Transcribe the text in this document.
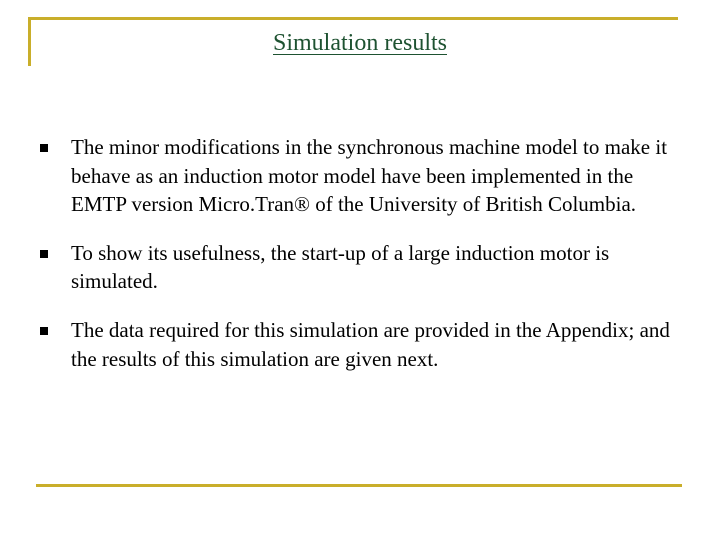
Simulation results
The minor modifications in the synchronous machine model to make it behave as an induction motor model have been implemented in the EMTP version Micro.Tran® of the University of British Columbia.
To show its usefulness, the start-up of a large induction motor is simulated.
The data required for this simulation are provided in the Appendix; and the results of this simulation are given next.
